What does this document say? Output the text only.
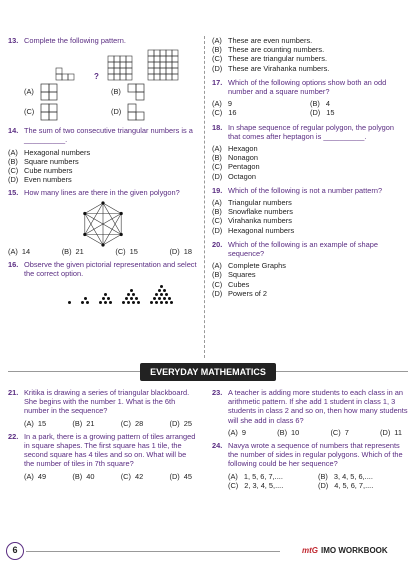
13. Complete the following pattern.
?
(A)	(B)
(C)	(D)
14. The sum of two consecutive triangular numbers is a __________.
(A) Hexagonal numbers
(B) Square numbers
(C) Cube numbers
(D) Even numbers
15. How many lines are there in the given polygon?
(A) 14	(B) 21	(C) 15	(D) 18
16. Observe the given pictorial representation and select the correct option.
(A) These are even numbers.
(B) These are counting numbers.
(C) These are triangular numbers.
(D) These are Virahanka numbers.
17. Which of the following options show both an odd number and a square number?
(A) 9	(B) 4
(C) 16	(D) 15
18. In shape sequence of regular polygon, the polygon that comes after heptagon is __________.
(A) Hexagon
(B) Nonagon
(C) Pentagon
(D) Octagon
19. Which of the following is not a number pattern?
(A) Triangular numbers
(B) Snowflake numbers
(C) Virahanka numbers
(D) Hexagonal numbers
20. Which of the following is an example of shape sequence?
(A) Complete Graphs
(B) Squares
(C) Cubes
(D) Powers of 2
EVERYDAY MATHEMATICS
21. Kritika is drawing a series of triangular blackboard. She begins with the number 1. What is the 6th number in the sequence?
(A) 15	(B) 21	(C) 28	(D) 25
22. In a park, there is a growing pattern of tiles arranged in square shapes. The first square has 1 tile, the second square has 4 tiles and so on. What will be the number of tiles in 7th square?
(A) 49	(B) 40	(C) 42	(D) 45
23. A teacher is adding more students to each class in an arithmetic pattern. If she add 1 student in class 1, 3 students in class 2 and so on, then how many students will she add in class 6?
(A) 9	(B) 10	(C) 7	(D) 11
24. Navya wrote a sequence of numbers that represents the number of sides in regular polygons. Which of the following could be her sequence?
(A) 1, 5, 6, 7,....	(B) 3, 4, 5, 6,....
(C) 2, 3, 4, 5,....	(D) 4, 5, 6, 7,....
6	mtG IMO WORKBOOK
